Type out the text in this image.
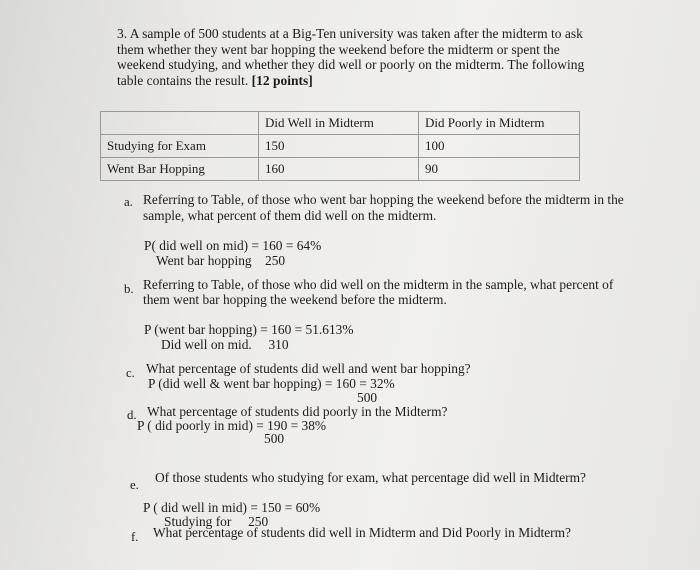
3. A sample of 500 students at a Big-Ten university was taken after the midterm to ask them whether they went bar hopping the weekend before the midterm or spent the weekend studying, and whether they did well or poorly on the midterm. The following table contains the result. [12 points]
	Did Well in Midterm	Did Poorly in Midterm
Studying for Exam	150	100
Went Bar Hopping	160	90
a. Referring to Table, of those who went bar hopping the weekend before the midterm in the
sample, what percent of them did well on the midterm.
P( did well on mid) = 160 = 64%
Went bar hopping    250
b. Referring to Table, of those who did well on the midterm in the sample, what percent of
them went bar hopping the weekend before the midterm.
P (went bar hopping) = 160 = 51.613%
Did well on mid.     310
c. What percentage of students did well and went bar hopping?
P (did well & went bar hopping) = 160 = 32%
500
d. What percentage of students did poorly in the Midterm?
P ( did poorly in mid) = 190 = 38%
500
e. Of those students who studying for exam, what percentage did well in Midterm?
P ( did well in mid) = 150 = 60%
Studying for     250
f. What percentage of students did well in Midterm and Did Poorly in Midterm?
